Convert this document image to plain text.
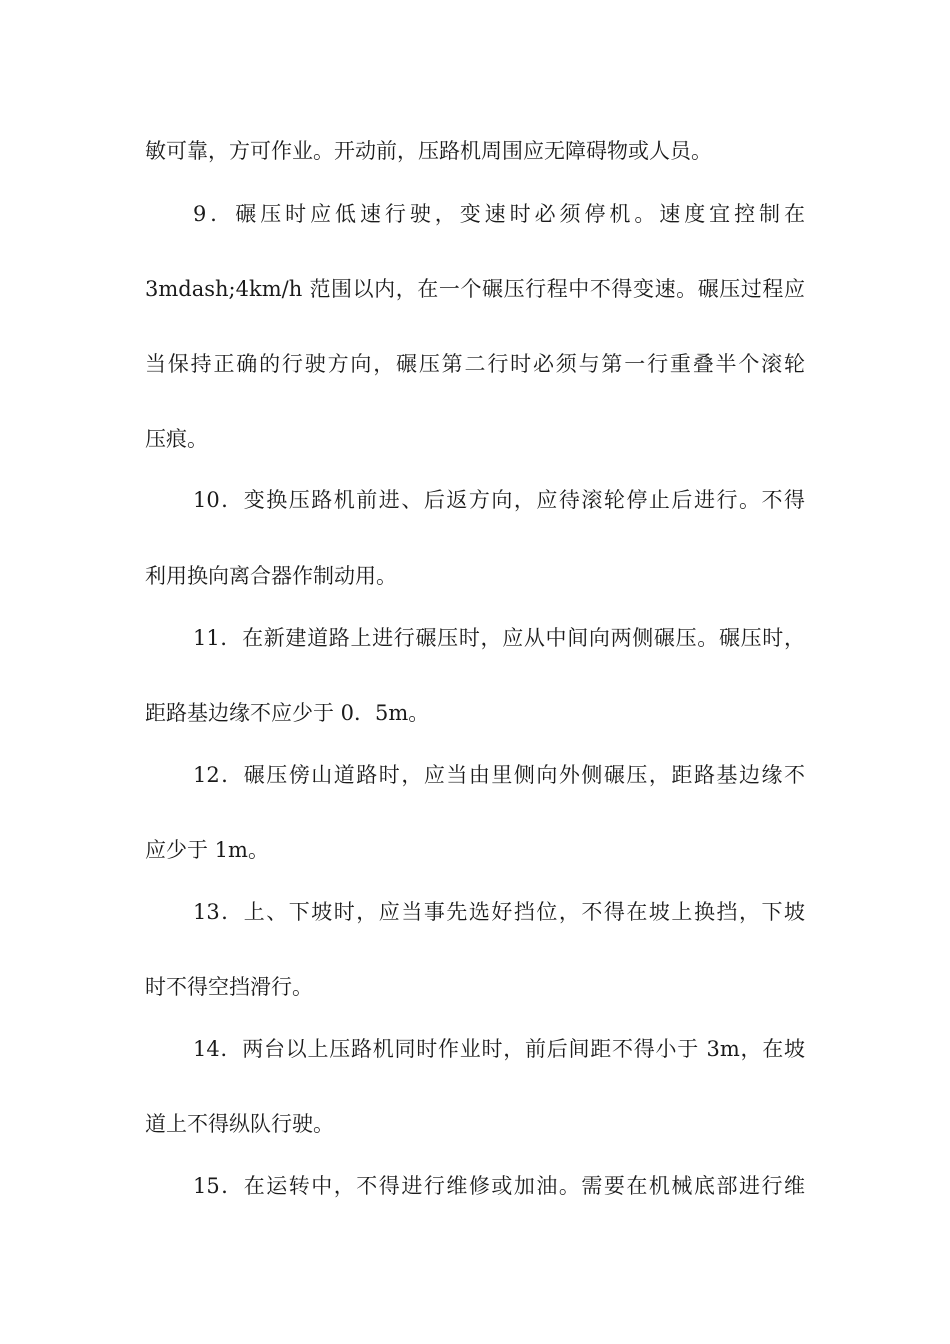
敏可靠，方可作业。开动前，压路机周围应无障碍物或人员。
9．碾压时应低速行驶，变速时必须停机。速度宜控制在
3mdash;4km/h 范围以内，在一个碾压行程中不得变速。碾压过程应
当保持正确的行驶方向，碾压第二行时必须与第一行重叠半个滚轮
压痕。
10．变换压路机前进、后返方向，应待滚轮停止后进行。不得
利用换向离合器作制动用。
11．在新建道路上进行碾压时，应从中间向两侧碾压。碾压时，
距路基边缘不应少于 0．5m。
12．碾压傍山道路时，应当由里侧向外侧碾压，距路基边缘不
应少于 1m。
13．上、下坡时，应当事先选好挡位，不得在坡上换挡，下坡
时不得空挡滑行。
14．两台以上压路机同时作业时，前后间距不得小于 3m，在坡
道上不得纵队行驶。
15．在运转中，不得进行维修或加油。需要在机械底部进行维
